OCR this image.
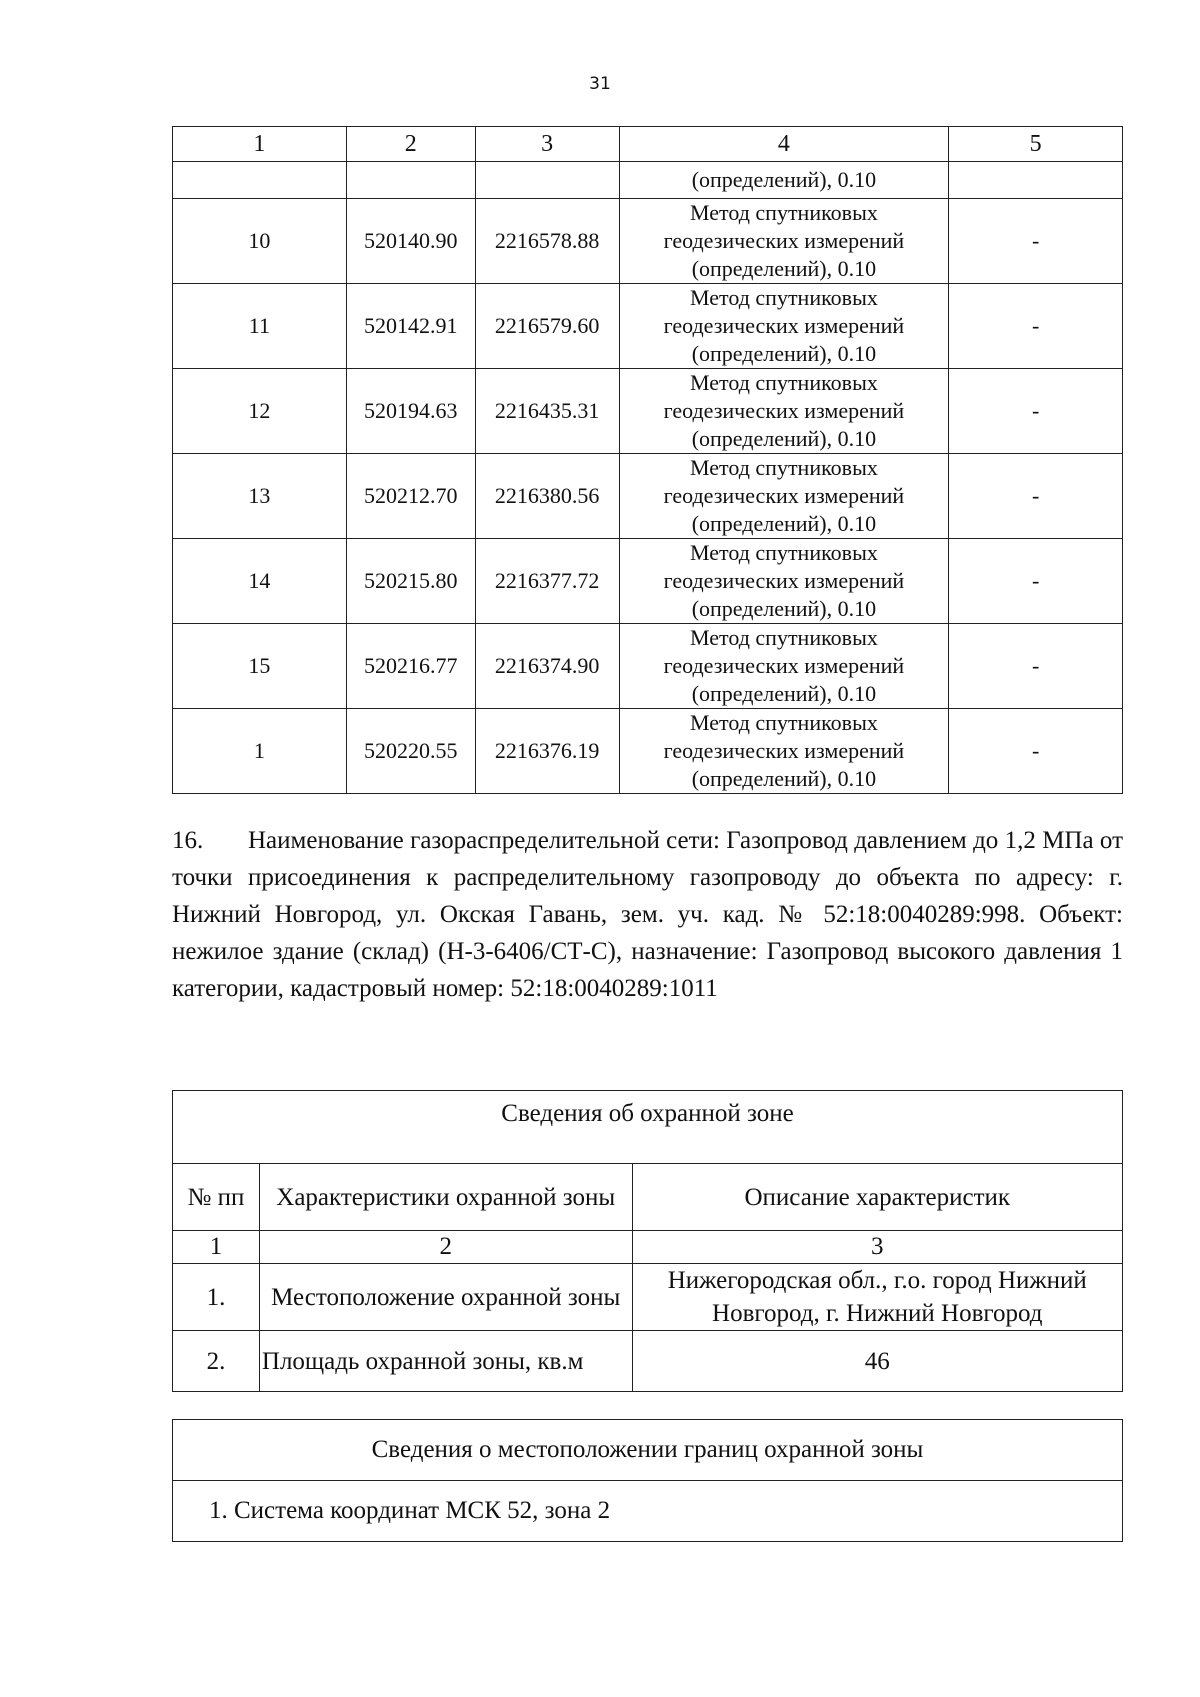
31
1	2	3	4	5
			(определений), 0.10	
10	520140.90	2216578.88	Метод спутниковых
геодезических измерений
(определений), 0.10	-
11	520142.91	2216579.60	Метод спутниковых
геодезических измерений
(определений), 0.10	-
12	520194.63	2216435.31	Метод спутниковых
геодезических измерений
(определений), 0.10	-
13	520212.70	2216380.56	Метод спутниковых
геодезических измерений
(определений), 0.10	-
14	520215.80	2216377.72	Метод спутниковых
геодезических измерений
(определений), 0.10	-
15	520216.77	2216374.90	Метод спутниковых
геодезических измерений
(определений), 0.10	-
1	520220.55	2216376.19	Метод спутниковых
геодезических измерений
(определений), 0.10	-

16. Наименование газораспределительной сети: Газопровод давлением до 1,2 МПа от точки присоединения к распределительному газопроводу до объекта по адресу: г. Нижний Новгород, ул. Окская Гавань, зем. уч. кад. № 52:18:0040289:998. Объект: нежилое здание (склад) (Н-3-6406/СТ-С), назначение: Газопровод высокого давления 1 категории, кадастровый номер: 52:18:0040289:1011

Сведения об охранной зоне		
№ пп	Характеристики охранной зоны	Описание характеристик
1	2	3
1.	Местоположение охранной зоны	Нижегородская обл., г.о. город Нижний Новгород, г. Нижний Новгород
2.	Площадь охранной зоны, кв.м	46
Сведения о местоположении границ охранной зоны
1. Система координат МСК 52, зона 2
